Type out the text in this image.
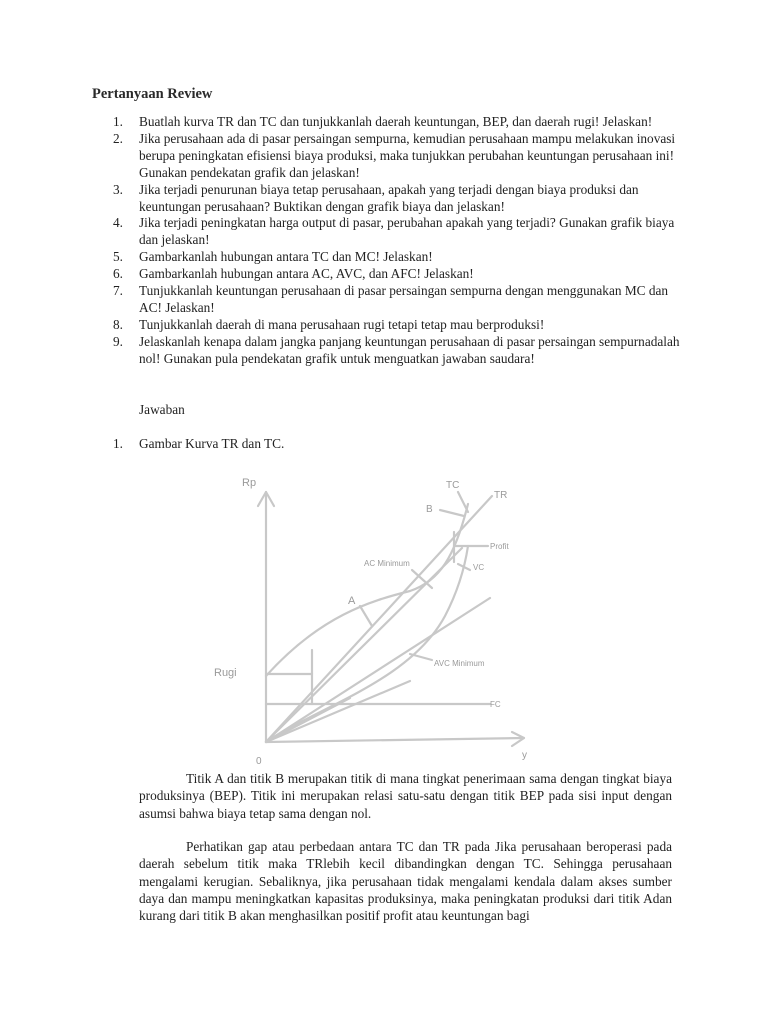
Pertanyaan Review
1. Buatlah kurva TR dan TC dan tunjukkanlah daerah keuntungan, BEP, dan daerah rugi! Jelaskan!
2. Jika perusahaan ada di pasar persaingan sempurna, kemudian perusahaan mampu melakukan inovasi berupa peningkatan efisiensi biaya produksi, maka tunjukkan perubahan keuntungan perusahaan ini! Gunakan pendekatan grafik dan jelaskan!
3. Jika terjadi penurunan biaya tetap perusahaan, apakah yang terjadi dengan biaya produksi dan keuntungan perusahaan? Buktikan dengan grafik biaya dan jelaskan!
4. Jika terjadi peningkatan harga output di pasar, perubahan apakah yang terjadi? Gunakan grafik biaya dan jelaskan!
5. Gambarkanlah hubungan antara TC dan MC! Jelaskan!
6. Gambarkanlah hubungan antara AC, AVC, dan AFC! Jelaskan!
7. Tunjukkanlah keuntungan perusahaan di pasar persaingan sempurna dengan menggunakan MC dan AC! Jelaskan!
8. Tunjukkanlah daerah di mana perusahaan rugi tetapi tetap mau berproduksi!
9. Jelaskanlah kenapa dalam jangka panjang keuntungan perusahaan di pasar persaingan sempurnadalah nol! Gunakan pula pendekatan grafik untuk menguatkan jawaban saudara!
Jawaban
1. Gambar Kurva TR dan TC.
Rp
y
0
TC
TR
B
A
Profit
AC Minimum	VC
AVC Minimum
Rugi
FC

Titik A dan titik B merupakan titik di mana tingkat penerimaan sama dengan tingkat biaya produksinya (BEP). Titik ini merupakan relasi satu-satu dengan titik BEP pada sisi input dengan asumsi bahwa biaya tetap sama dengan nol.

Perhatikan gap atau perbedaan antara TC dan TR pada Jika perusahaan beroperasi pada daerah sebelum titik maka TRlebih kecil dibandingkan dengan TC. Sehingga perusahaan mengalami kerugian. Sebaliknya, jika perusahaan tidak mengalami kendala dalam akses sumber daya dan mampu meningkatkan kapasitas produksinya, maka peningkatan produksi dari titik Adan kurang dari titik B akan menghasilkan positif profit atau keuntungan bagi
